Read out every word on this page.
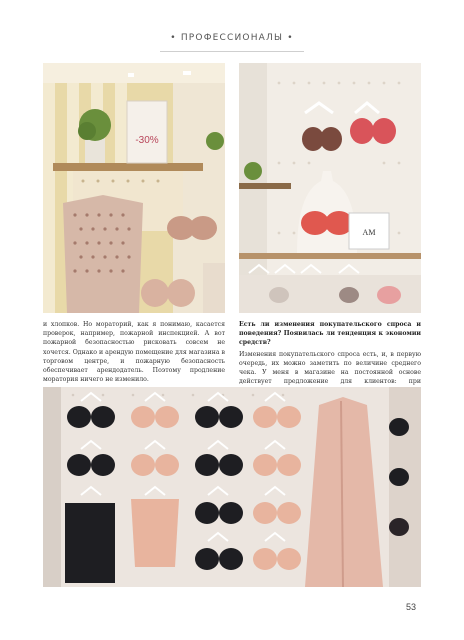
• ПРОФЕССИОНАЛЫ •
-30%
AM

и хлопков. Но мораторий, как я понимаю, касается проверок, например, пожарной инспекцией. А вот пожарной безопасностью рисковать совсем не хочется. Однако и арендую помещение для магазина в торговом центре, и пожарную безопасность обеспечивает арендодатель. Поэтому продление моратория ничего не изменило.

Есть ли изменения покупательского спроса и поведения? Появилась ли тенденция к экономии средств?

Изменения покупательского спроса есть, и, в первую очередь, их можно заметить по величине среднего чека. У меня в магазине на постоянной основе действует предложение для клиентов: при

53
